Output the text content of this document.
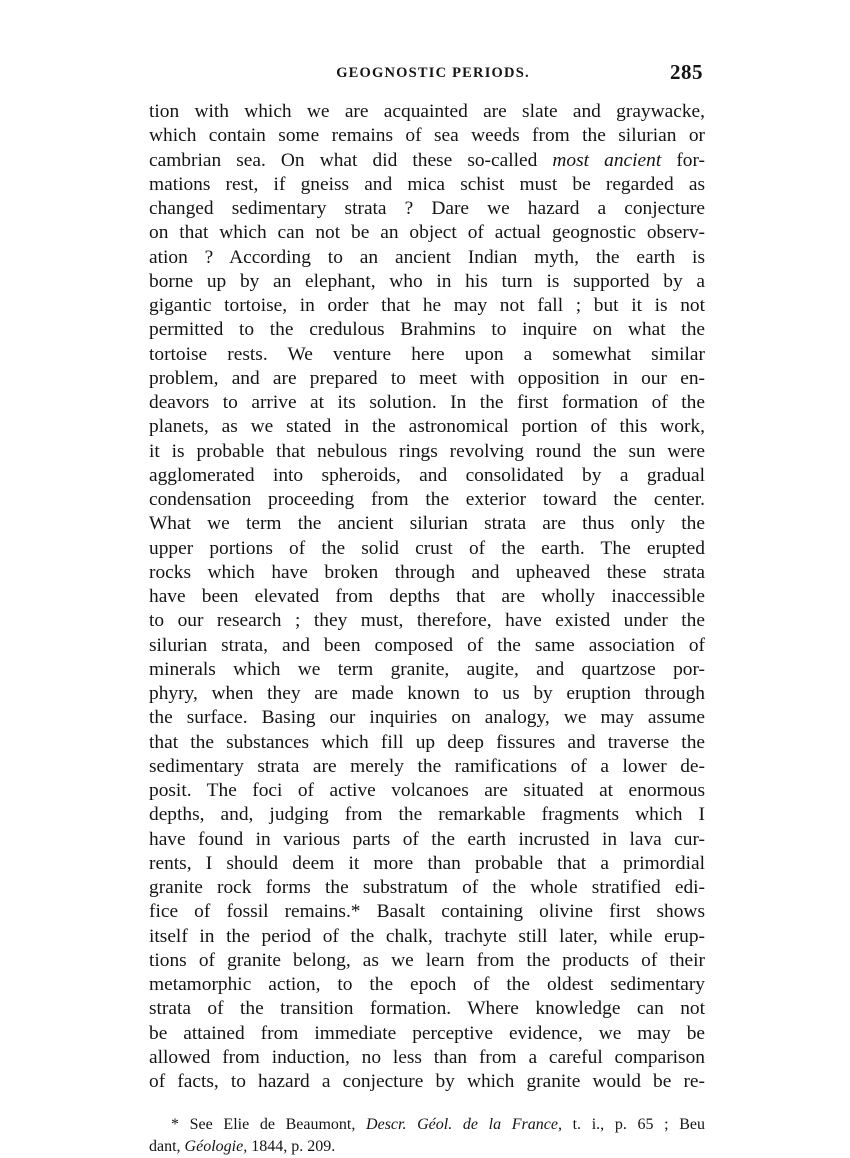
GEOGNOSTIC PERIODS.	285
tion with which we are acquainted are slate and graywacke,
which contain some remains of sea weeds from the silurian or
cambrian sea. On what did these so-called most ancient for-
mations rest, if gneiss and mica schist must be regarded as
changed sedimentary strata ? Dare we hazard a conjecture
on that which can not be an object of actual geognostic observ-
ation ? According to an ancient Indian myth, the earth is
borne up by an elephant, who in his turn is supported by a
gigantic tortoise, in order that he may not fall ; but it is not
permitted to the credulous Brahmins to inquire on what the
tortoise rests. We venture here upon a somewhat similar
problem, and are prepared to meet with opposition in our en-
deavors to arrive at its solution. In the first formation of the
planets, as we stated in the astronomical portion of this work,
it is probable that nebulous rings revolving round the sun were
agglomerated into spheroids, and consolidated by a gradual
condensation proceeding from the exterior toward the center.
What we term the ancient silurian strata are thus only the
upper portions of the solid crust of the earth. The erupted
rocks which have broken through and upheaved these strata
have been elevated from depths that are wholly inaccessible
to our research ; they must, therefore, have existed under the
silurian strata, and been composed of the same association of
minerals which we term granite, augite, and quartzose por-
phyry, when they are made known to us by eruption through
the surface. Basing our inquiries on analogy, we may assume
that the substances which fill up deep fissures and traverse the
sedimentary strata are merely the ramifications of a lower de-
posit. The foci of active volcanoes are situated at enormous
depths, and, judging from the remarkable fragments which I
have found in various parts of the earth incrusted in lava cur-
rents, I should deem it more than probable that a primordial
granite rock forms the substratum of the whole stratified edi-
fice of fossil remains.* Basalt containing olivine first shows
itself in the period of the chalk, trachyte still later, while erup-
tions of granite belong, as we learn from the products of their
metamorphic action, to the epoch of the oldest sedimentary
strata of the transition formation. Where knowledge can not
be attained from immediate perceptive evidence, we may be
allowed from induction, no less than from a careful comparison
of facts, to hazard a conjecture by which granite would be re-
* See Elie de Beaumont, Descr. Géol. de la France, t. i., p. 65 ; Beu
dant, Géologie, 1844, p. 209.
